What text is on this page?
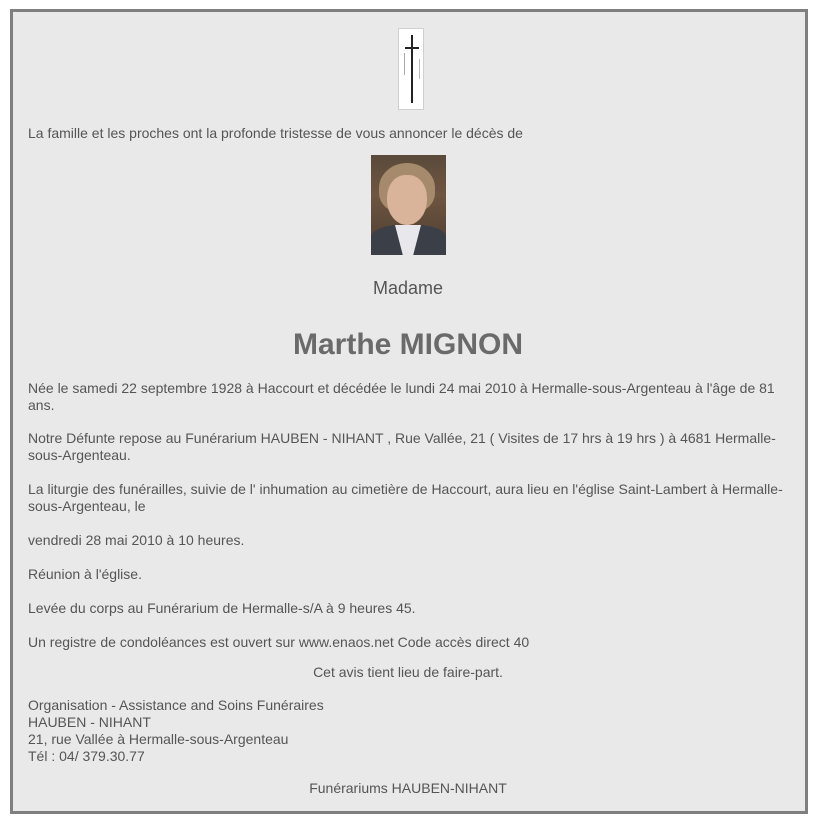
La famille et les proches ont la profonde tristesse de vous annoncer le décès de
Madame
Marthe MIGNON
Née le samedi 22 septembre 1928 à Haccourt et décédée le lundi 24 mai 2010 à Hermalle-sous-Argenteau à l'âge de 81 ans.
Notre Défunte repose au Funérarium HAUBEN - NIHANT , Rue Vallée, 21 ( Visites de 17 hrs à 19 hrs ) à 4681 Hermalle-sous-Argenteau.
La liturgie des funérailles, suivie de l' inhumation au cimetière de Haccourt, aura lieu en l'église Saint-Lambert à Hermalle-sous-Argenteau, le
vendredi 28 mai 2010 à 10 heures.
Réunion à l'église.
Levée du corps au Funérarium de Hermalle-s/A à 9 heures 45.
Un registre de condoléances est ouvert sur www.enaos.net Code accès direct 40
Cet avis tient lieu de faire-part.
Organisation - Assistance and Soins Funéraires
HAUBEN - NIHANT
21, rue Vallée à Hermalle-sous-Argenteau
Tél : 04/ 379.30.77
Funérariums HAUBEN-NIHANT
